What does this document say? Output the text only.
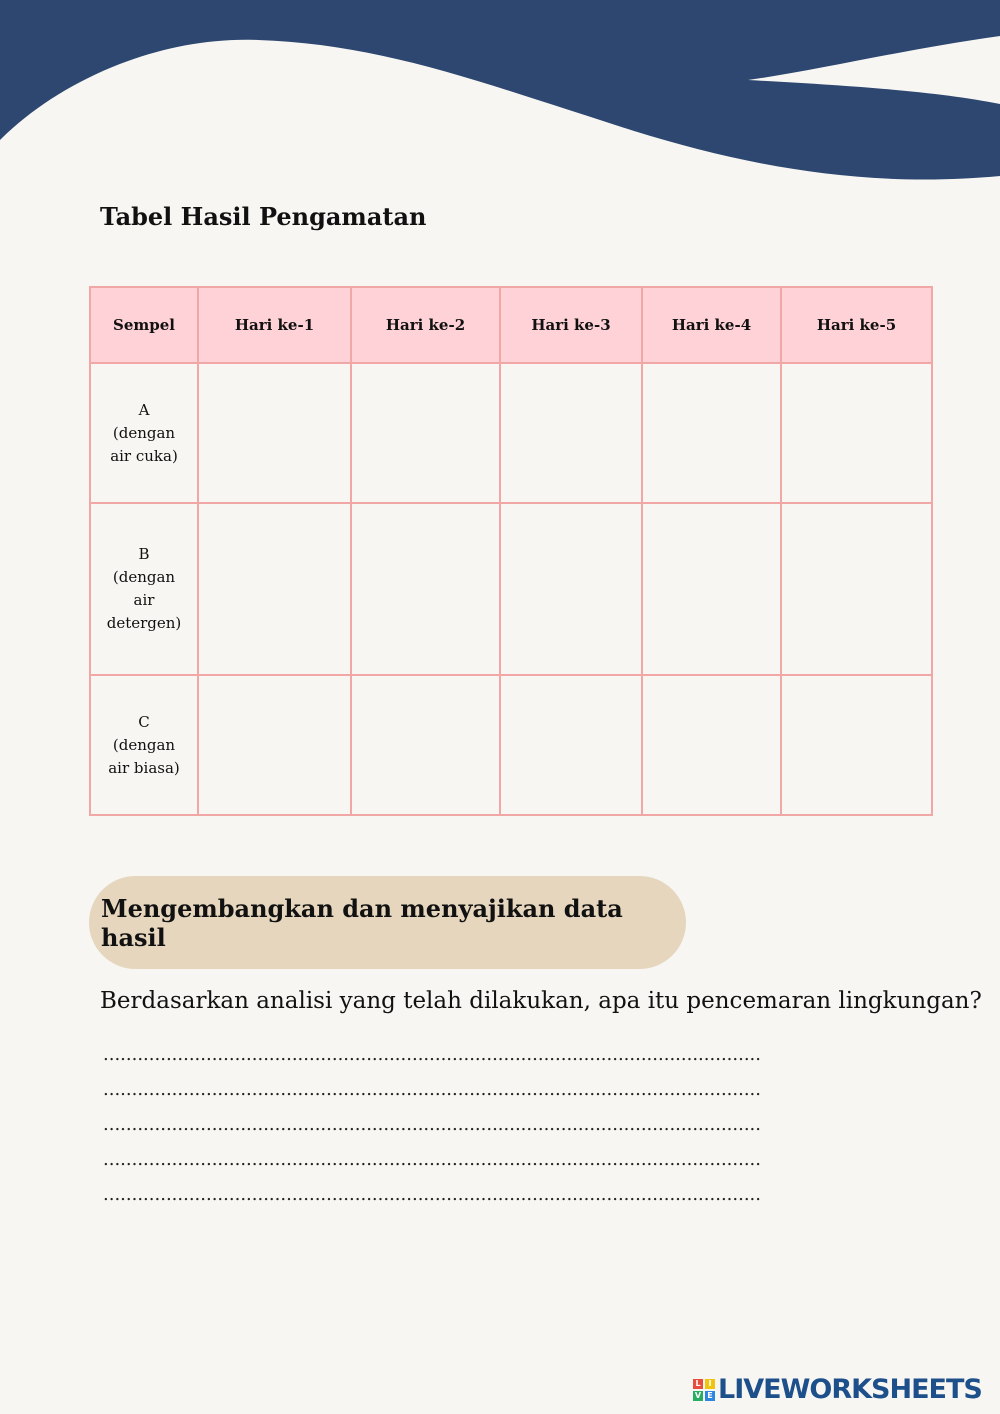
Tabel Hasil Pengamatan
Sempel	Hari ke-1	Hari ke-2	Hari ke-3	Hari ke-4	Hari ke-5

A
(dengan
air cuka)					

B
(dengan
air
detergen)					

C
(dengan
air biasa)					

Mengembangkan dan menyajikan data hasil

Berdasarkan analisi yang telah dilakukan, apa itu pencemaran lingkungan?

...................................................................................................................
...................................................................................................................
...................................................................................................................
...................................................................................................................
...................................................................................................................
L I
V E LIVEWORKSHEETS
